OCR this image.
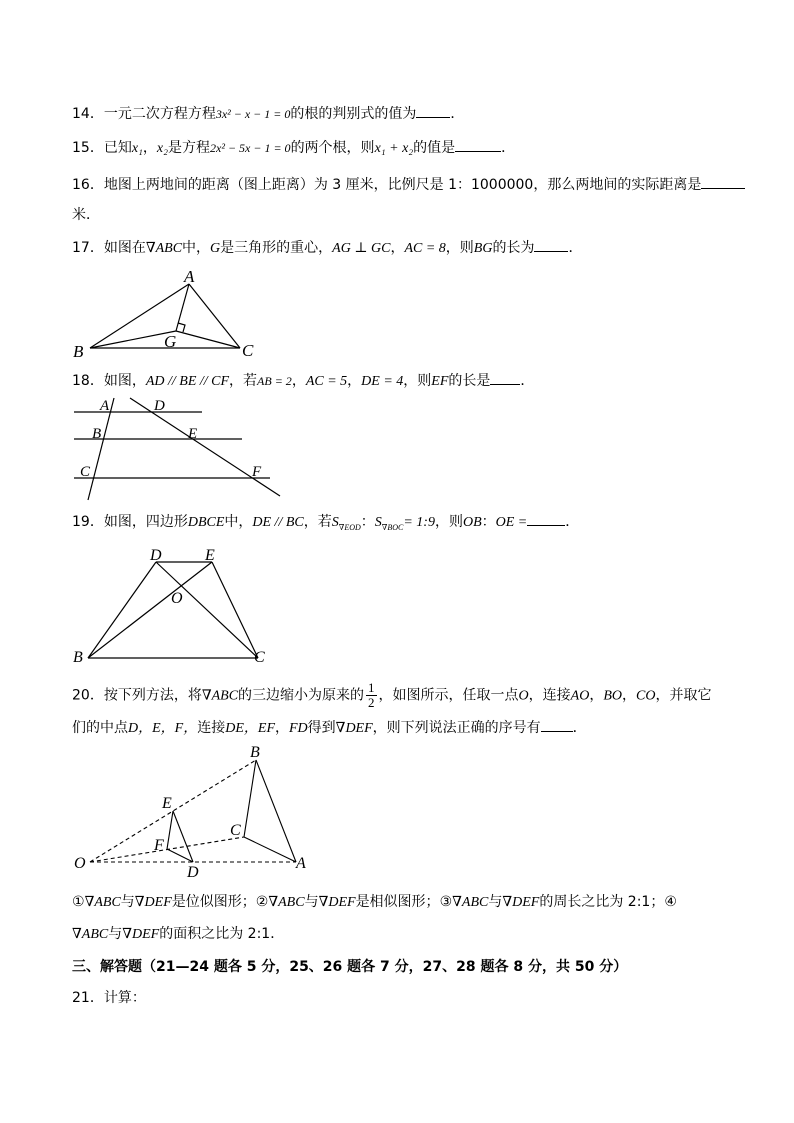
14．一元二次方程方程3x² − x − 1 = 0的根的判别式的值为 ．
15．已知x₁，x₂是方程2x² − 5x − 1 = 0的两个根，则x₁ + x₂的值是	．
16．地图上两地间的距离（图上距离）为 3 厘米，比例尺是 1：1000000，那么两地间的实际距离是
米．
17．如图在∇ABC中，G是三角形的重心，AG ⊥ GC，AC = 8，则BG的长为 ．
A
B	C
G
18．如图，AD // BE // CF，若AB = 2，AC = 5，DE = 4，则EF的长是 ．
A	D
B	E
C	F
19．如图，四边形DBCE中，DE // BC，若$S_{\nabla EOD}$：$S_{\nabla BOC}=$ 1:9，则OB：OE =	．
D	E
O
B	C
20．按下列方法，将∇ABC的三边缩小为原来的 $\frac{1}{2}$ ，如图所示，任取一点O，连接AO，BO，CO，并取它
们的中点D，E，F，连接DE，EF，FD得到∇DEF，则下列说法正确的序号有 ．
O
B
C
A
E
F
D
①∇ABC与∇DEF是位似图形；②∇ABC与∇DEF是相似图形；③∇ABC与∇DEF的周长之比为 2:1；④
∇ABC与∇DEF的面积之比为 2:1．
三、解答题（21—24 题各 5 分，25、26 题各 7 分，27、28 题各 8 分，共 50 分）
21．计算：
